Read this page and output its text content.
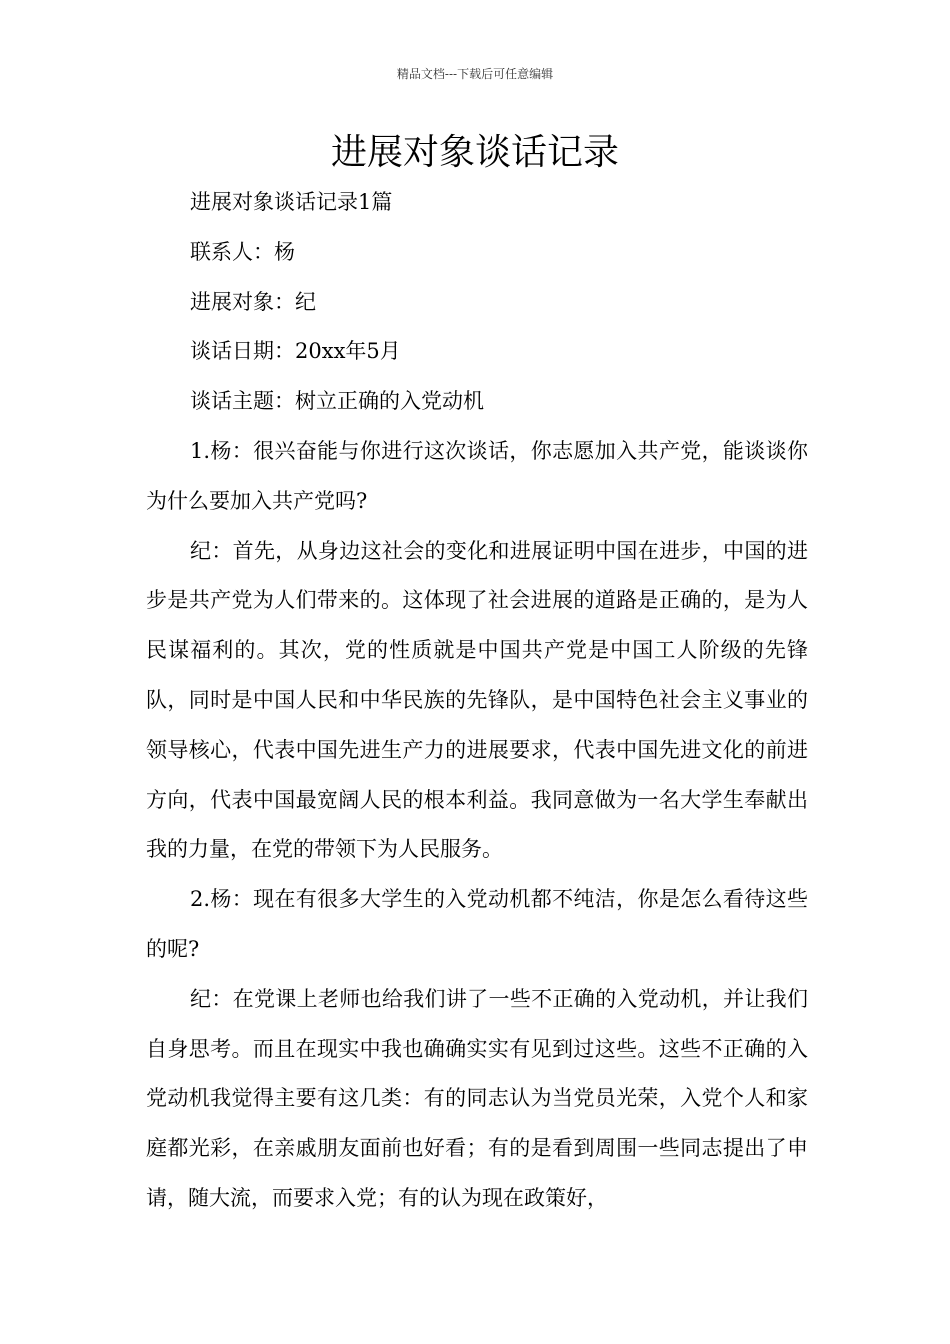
精品文档---下载后可任意编辑
进展对象谈话记录

进展对象谈话记录1篇

联系人：杨

进展对象：纪

谈话日期：20xx年5月

谈话主题：树立正确的入党动机

1.杨：很兴奋能与你进行这次谈话，你志愿加入共产党，能谈谈你为什么要加入共产党吗?

纪：首先，从身边这社会的变化和进展证明中国在进步，中国的进步是共产党为人们带来的。这体现了社会进展的道路是正确的，是为人民谋福利的。其次，党的性质就是中国共产党是中国工人阶级的先锋队，同时是中国人民和中华民族的先锋队，是中国特色社会主义事业的领导核心，代表中国先进生产力的进展要求，代表中国先进文化的前进方向，代表中国最宽阔人民的根本利益。我同意做为一名大学生奉献出我的力量，在党的带领下为人民服务。

2.杨：现在有很多大学生的入党动机都不纯洁，你是怎么看待这些的呢?

纪：在党课上老师也给我们讲了一些不正确的入党动机，并让我们自身思考。而且在现实中我也确确实实有见到过这些。这些不正确的入党动机我觉得主要有这几类：有的同志认为当党员光荣，入党个人和家庭都光彩，在亲戚朋友面前也好看；有的是看到周围一些同志提出了申请，随大流，而要求入党；有的认为现在政策好，
